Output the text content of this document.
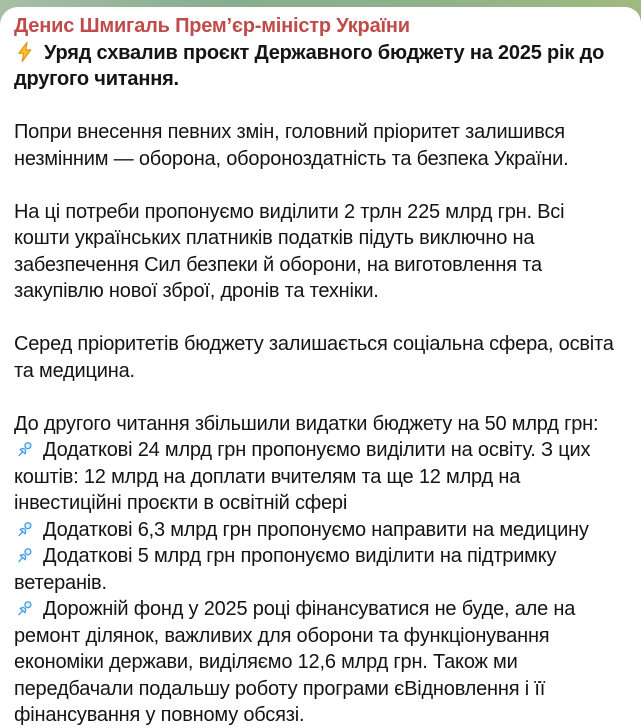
Денис Шмигаль Прем’єр-міністр України
Уряд схвалив проєкт Державного бюджету на 2025 рік до
другого читання.
Попри внесення певних змін, головний пріоритет залишився
незмінним — оборона, обороноздатність та безпека України.
На ці потреби пропонуємо виділити 2 трлн 225 млрд грн. Всі
кошти українських платників податків підуть виключно на
забезпечення Сил безпеки й оборони, на виготовлення та
закупівлю нової зброї, дронів та техніки.
Серед пріоритетів бюджету залишається соціальна сфера, освіта
та медицина.
До другого читання збільшили видатки бюджету на 50 млрд грн:
Додаткові 24 млрд грн пропонуємо виділити на освіту. З цих
коштів: 12 млрд на доплати вчителям та ще 12 млрд на
інвестиційні проєкти в освітній сфері
Додаткові 6,3 млрд грн пропонуємо направити на медицину
Додаткові 5 млрд грн пропонуємо виділити на підтримку
ветеранів.
Дорожній фонд у 2025 році фінансуватися не буде, але на
ремонт ділянок, важливих для оборони та функціонування
економіки держави, виділяємо 12,6 млрд грн. Також ми
передбачали подальшу роботу програми єВідновлення і її
фінансування у повному обсязі.
